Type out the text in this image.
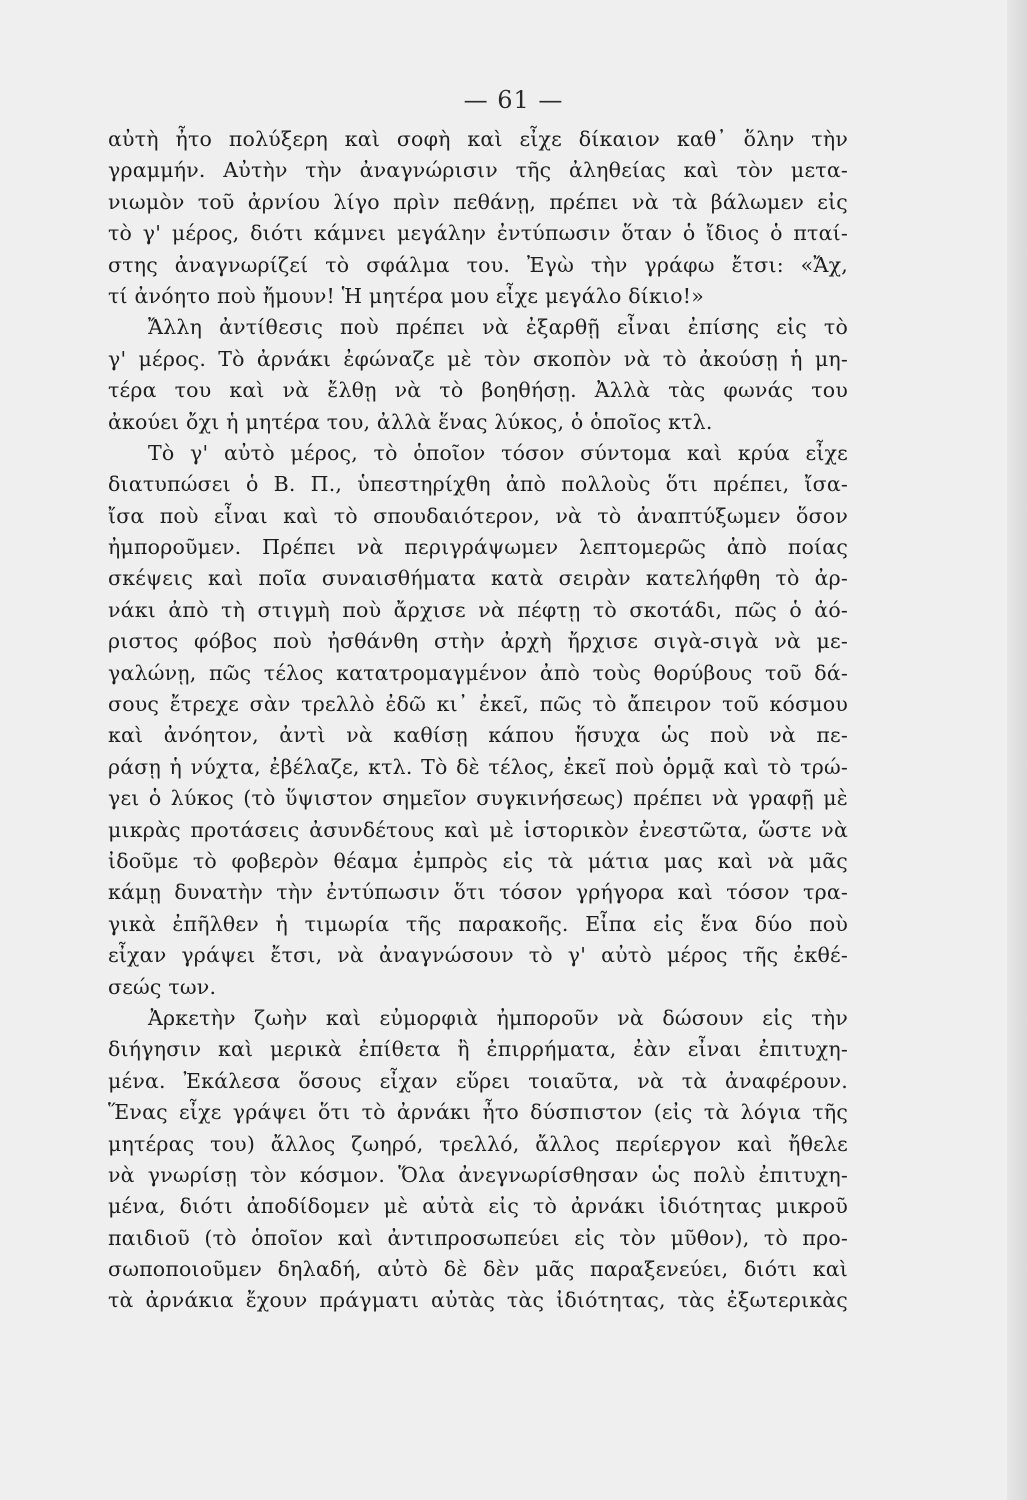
— 61 —
αὐτὴ ἦτο πολύξερη καὶ σοφὴ καὶ εἶχε δίκαιον καθ᾽ ὅλην τὴν
γραμμήν. Αὐτὴν τὴν ἀναγνώρισιν τῆς ἀληθείας καὶ τὸν μετα-
νιωμὸν τοῦ ἀρνίου λίγο πρὶν πεθάνῃ, πρέπει νὰ τὰ βάλωμεν εἰς
τὸ γ' μέρος, διότι κάμνει μεγάλην ἐντύπωσιν ὅταν ὁ ἴδιος ὁ πταί-
στης ἀναγνωρίζεί τὸ σφάλμα του. Ἐγὼ τὴν γράφω ἔτσι: «Ἄχ,
τί ἀνόητο ποὺ ἤμουν! Ἡ μητέρα μου εἶχε μεγάλο δίκιο!»
Ἄλλη ἀντίθεσις ποὺ πρέπει νὰ ἐξαρθῇ εἶναι ἐπίσης εἰς τὸ
γ' μέρος. Τὸ ἀρνάκι ἐφώναζε μὲ τὸν σκοπὸν νὰ τὸ ἀκούσῃ ἡ μη-
τέρα του καὶ νὰ ἔλθῃ νὰ τὸ βοηθήσῃ. Ἀλλὰ τὰς φωνάς του
ἀκούει ὄχι ἡ μητέρα του, ἀλλὰ ἕνας λύκος, ὁ ὁποῖος κτλ.
Τὸ γ' αὐτὸ μέρος, τὸ ὁποῖον τόσον σύντομα καὶ κρύα εἶχε
διατυπώσει ὁ Β. Π., ὑπεστηρίχθη ἀπὸ πολλοὺς ὅτι πρέπει, ἴσα-
ἴσα ποὺ εἶναι καὶ τὸ σπουδαιότερον, νὰ τὸ ἀναπτύξωμεν ὅσον
ἠμποροῦμεν. Πρέπει νὰ περιγράψωμεν λεπτομερῶς ἀπὸ ποίας
σκέψεις καὶ ποῖα συναισθήματα κατὰ σειρὰν κατελήφθη τὸ ἀρ-
νάκι ἀπὸ τὴ στιγμὴ ποὺ ἄρχισε νὰ πέφτῃ τὸ σκοτάδι, πῶς ὁ ἀό-
ριστος φόβος ποὺ ἠσθάνθη στὴν ἀρχὴ ἤρχισε σιγὰ-σιγὰ νὰ με-
γαλώνῃ, πῶς τέλος κατατρομαγμένον ἀπὸ τοὺς θορύβους τοῦ δά-
σους ἔτρεχε σὰν τρελλὸ ἐδῶ κι᾽ ἐκεῖ, πῶς τὸ ἄπειρον τοῦ κόσμου
καὶ ἀνόητον, ἀντὶ νὰ καθίσῃ κάπου ἥσυχα ὡς ποὺ νὰ πε-
ράσῃ ἡ νύχτα, ἐβέλαζε, κτλ. Τὸ δὲ τέλος, ἐκεῖ ποὺ ὁρμᾷ καὶ τὸ τρώ-
γει ὁ λύκος (τὸ ὕψιστον σημεῖον συγκινήσεως) πρέπει νὰ γραφῇ μὲ
μικρὰς προτάσεις ἀσυνδέτους καὶ μὲ ἱστορικὸν ἐνεστῶτα, ὥστε νὰ
ἰδοῦμε τὸ φοβερὸν θέαμα ἐμπρὸς εἰς τὰ μάτια μας καὶ νὰ μᾶς
κάμῃ δυνατὴν τὴν ἐντύπωσιν ὅτι τόσον γρήγορα καὶ τόσον τρα-
γικὰ ἐπῆλθεν ἡ τιμωρία τῆς παρακοῆς. Εἶπα εἰς ἕνα δύο ποὺ
εἶχαν γράψει ἔτσι, νὰ ἀναγνώσουν τὸ γ' αὐτὸ μέρος τῆς ἐκθέ-
σεώς των.
Ἀρκετὴν ζωὴν καὶ εὐμορφιὰ ἠμποροῦν νὰ δώσουν εἰς τὴν
διήγησιν καὶ μερικὰ ἐπίθετα ἢ ἐπιρρήματα, ἐὰν εἶναι ἐπιτυχη-
μένα. Ἐκάλεσα ὅσους εἶχαν εὕρει τοιαῦτα, νὰ τὰ ἀναφέρουν.
Ἕνας εἶχε γράψει ὅτι τὸ ἀρνάκι ἦτο δύσπιστον (εἰς τὰ λόγια τῆς
μητέρας του) ἄλλος ζωηρό, τρελλό, ἄλλος περίεργον καὶ ἤθελε
νὰ γνωρίσῃ τὸν κόσμον. Ὅλα ἀνεγνωρίσθησαν ὡς πολὺ ἐπιτυχη-
μένα, διότι ἀποδίδομεν μὲ αὐτὰ εἰς τὸ ἀρνάκι ἰδιότητας μικροῦ
παιδιοῦ (τὸ ὁποῖον καὶ ἀντιπροσωπεύει εἰς τὸν μῦθον), τὸ προ-
σωποποιοῦμεν δηλαδή, αὐτὸ δὲ δὲν μᾶς παραξενεύει, διότι καὶ
τὰ ἀρνάκια ἔχουν πράγματι αὐτὰς τὰς ἰδιότητας, τὰς ἐξωτερικὰς
